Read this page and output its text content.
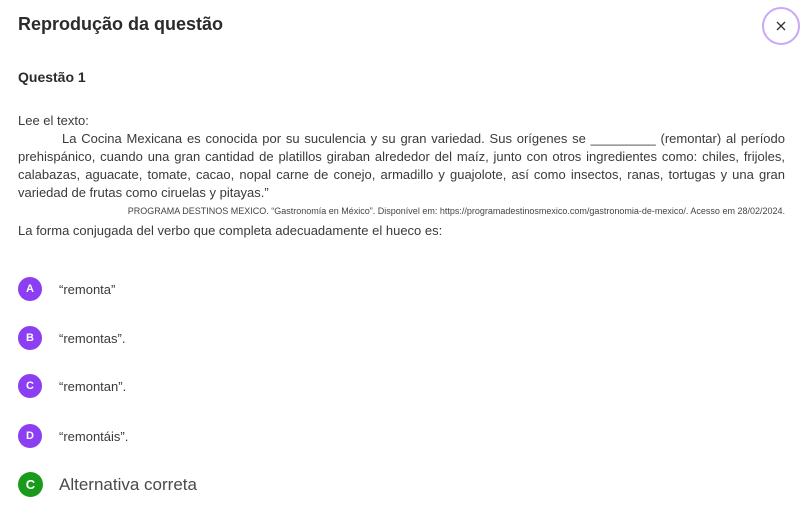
Reprodução da questão
Questão 1
Lee el texto:
La Cocina Mexicana es conocida por su suculencia y su gran variedad. Sus orígenes se _________ (remontar) al período prehispánico, cuando una gran cantidad de platillos giraban alrededor del maíz, junto con otros ingredientes como: chiles, frijoles, calabazas, aguacate, tomate, cacao, nopal carne de conejo, armadillo y guajolote, así como insectos, ranas, tortugas y una gran variedad de frutas como ciruelas y pitayas.”
PROGRAMA DESTINOS MEXICO. “Gastronomía en México”. Disponível em: https://programadestinosmexico.com/gastronomia-de-mexico/. Acesso em 28/02/2024.
La forma conjugada del verbo que completa adecuadamente el hueco es:
A	“remonta”
B	“remontas”.
C	“remontan”.
D	“remontáis”.
C	Alternativa correta
